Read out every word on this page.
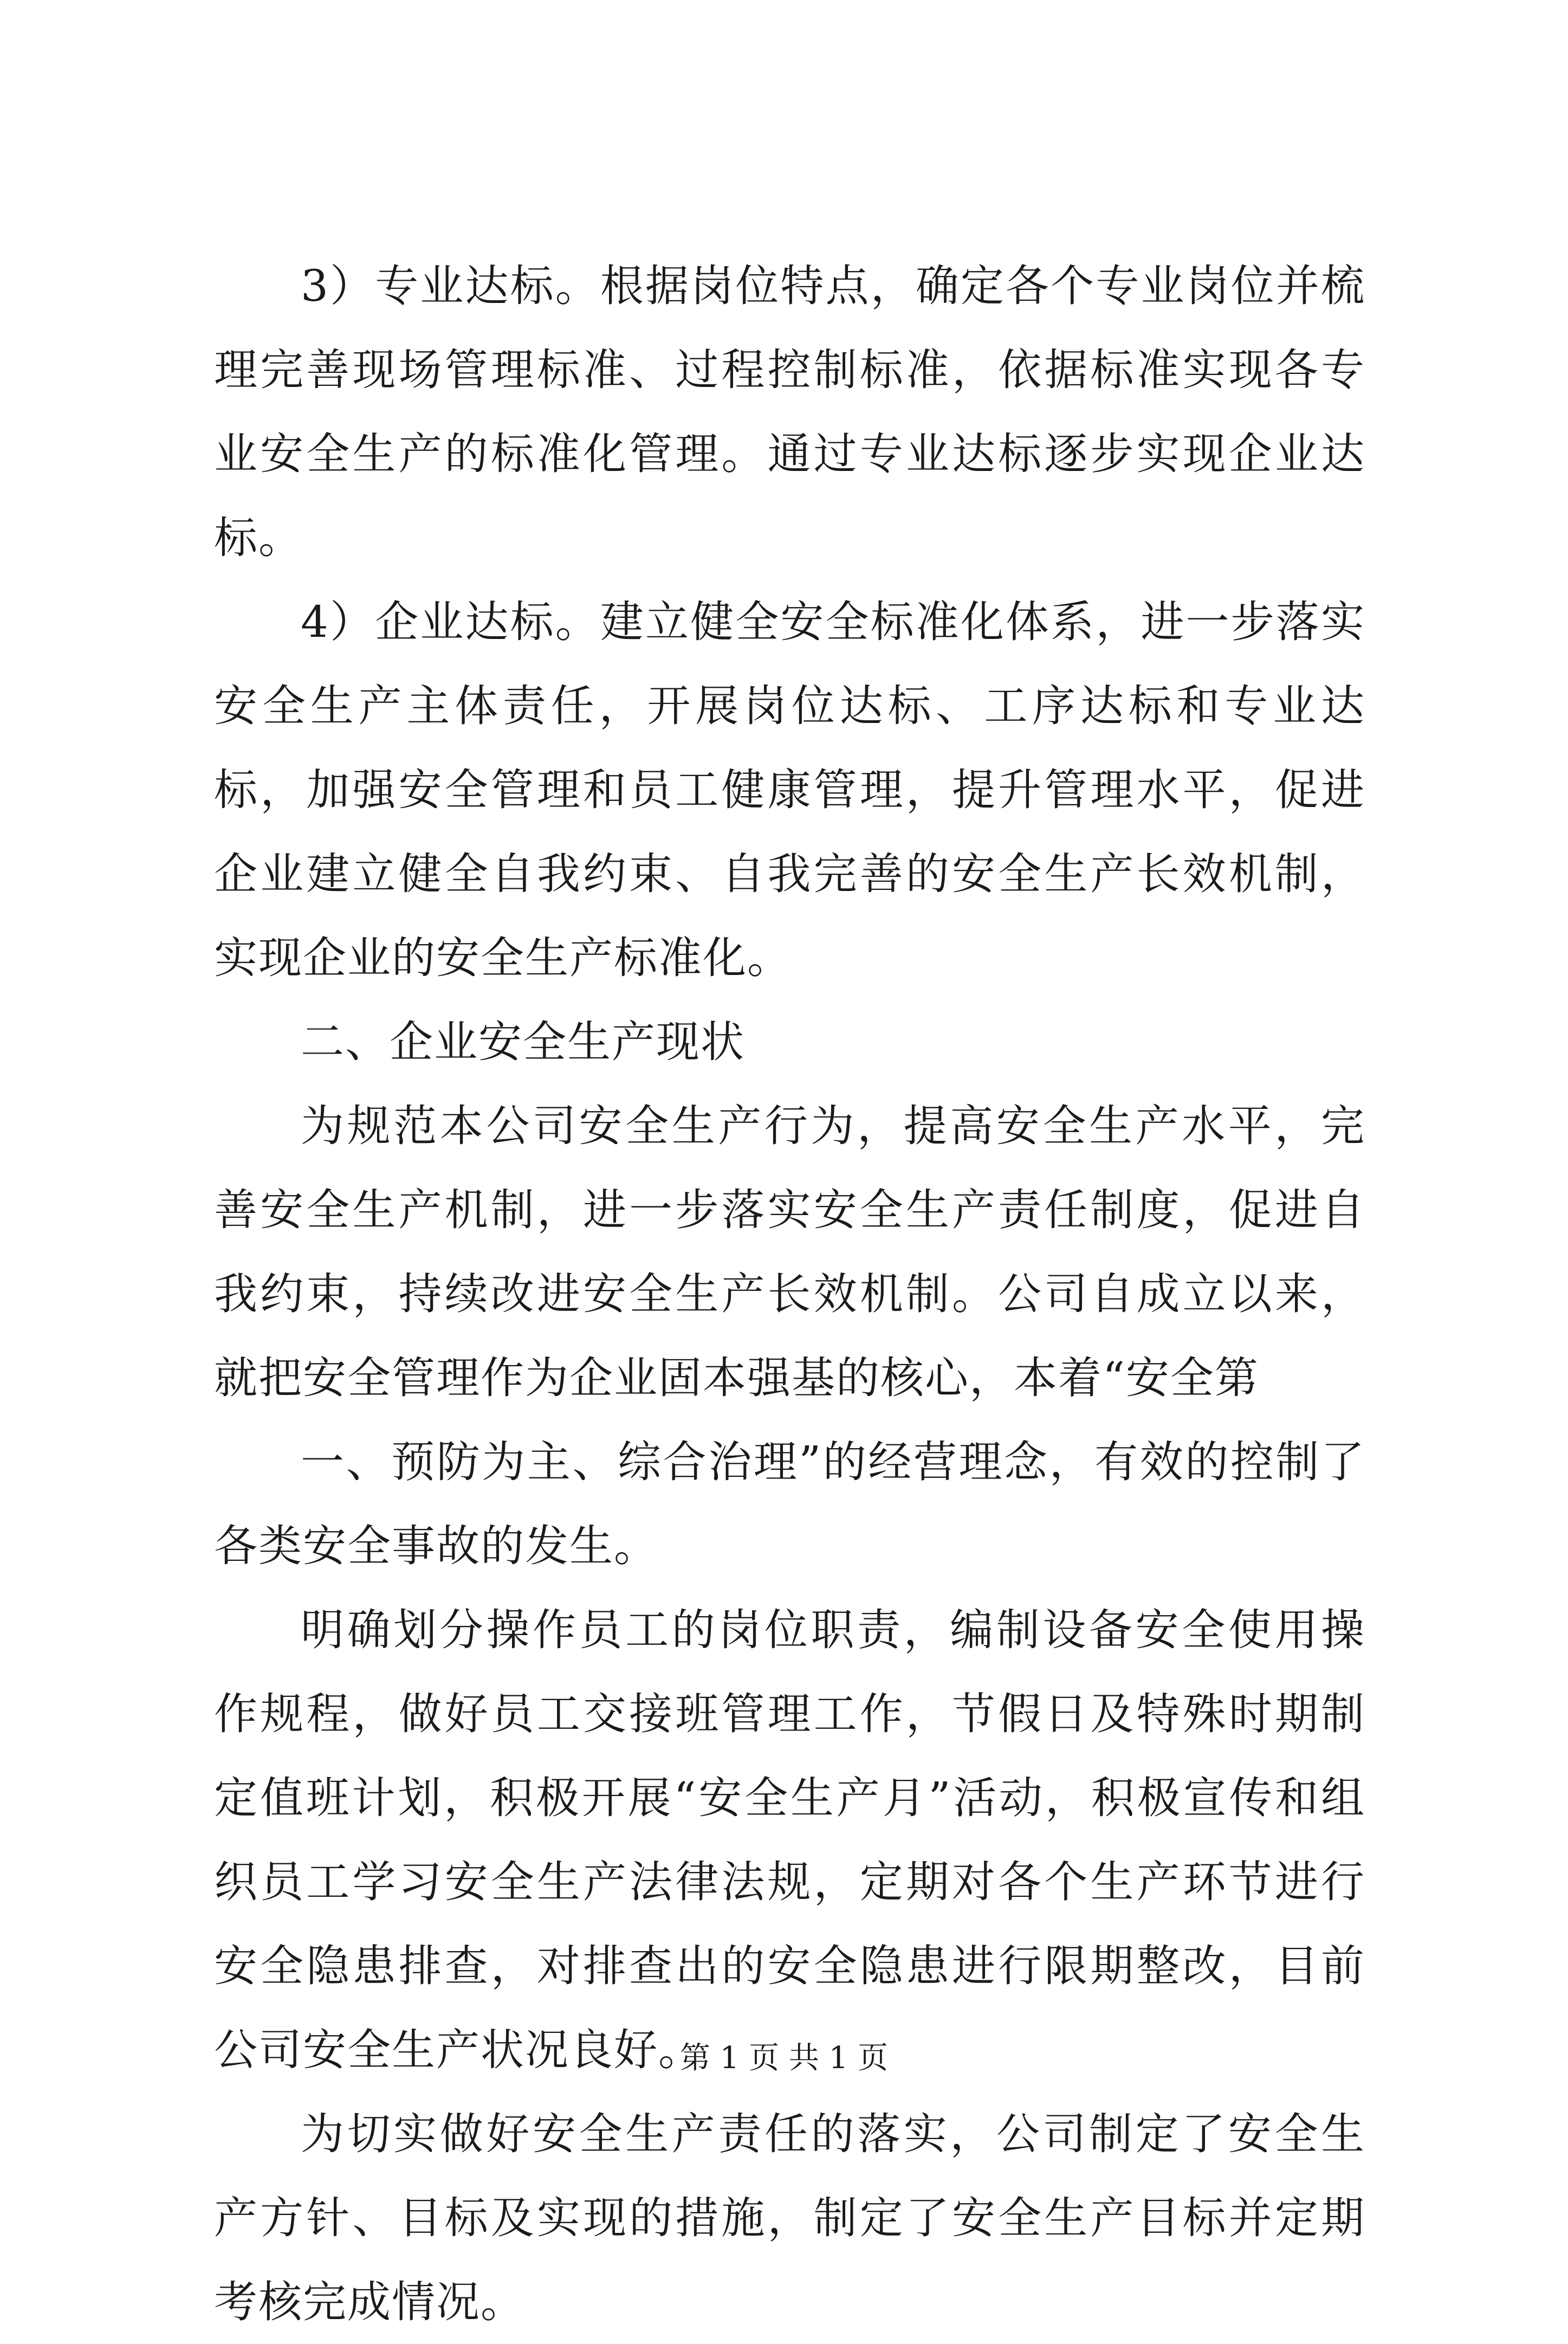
3）专业达标。根据岗位特点，确定各个专业岗位并梳理完善现场管理标准、过程控制标准，依据标准实现各专业安全生产的标准化管理。通过专业达标逐步实现企业达标。

4）企业达标。建立健全安全标准化体系，进一步落实安全生产主体责任，开展岗位达标、工序达标和专业达标，加强安全管理和员工健康管理，提升管理水平，促进企业建立健全自我约束、自我完善的安全生产长效机制，实现企业的安全生产标准化。

二、企业安全生产现状

为规范本公司安全生产行为，提高安全生产水平，完善安全生产机制，进一步落实安全生产责任制度，促进自我约束，持续改进安全生产长效机制。公司自成立以来，就把安全管理作为企业固本强基的核心，本着“安全第

一、预防为主、综合治理”的经营理念，有效的控制了各类安全事故的发生。

明确划分操作员工的岗位职责，编制设备安全使用操作规程，做好员工交接班管理工作，节假日及特殊时期制定值班计划，积极开展“安全生产月”活动，积极宣传和组织员工学习安全生产法律法规，定期对各个生产环节进行安全隐患排查，对排查出的安全隐患进行限期整改，目前公司安全生产状况良好。

为切实做好安全生产责任的落实，公司制定了安全生产方针、目标及实现的措施，制定了安全生产目标并定期考核完成情况。

第 1 页 共 1 页
